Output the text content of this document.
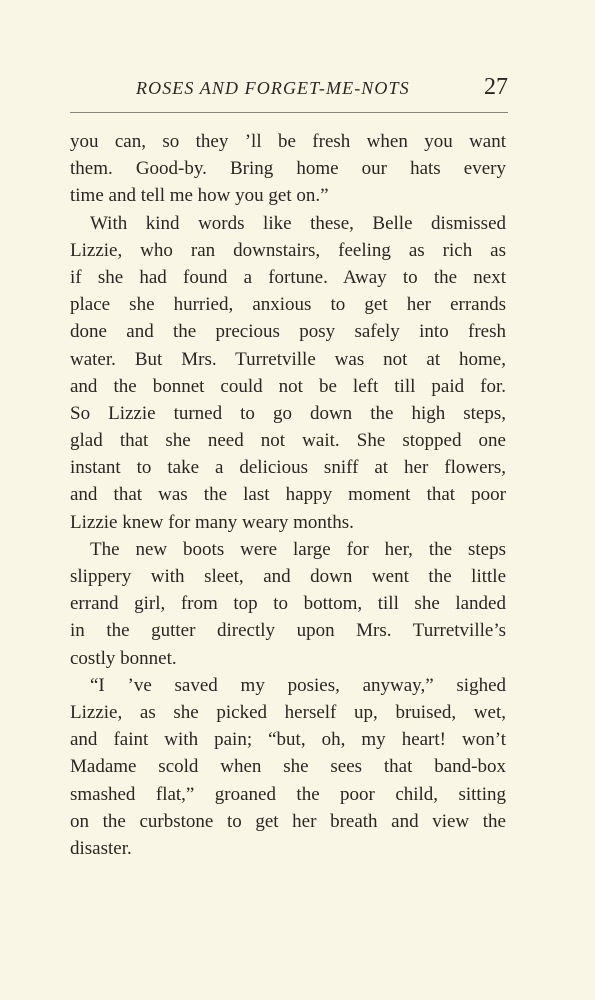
ROSES AND FORGET-ME-NOTS	27
you can, so they ’ll be fresh when you want
them. Good-by. Bring home our hats every
time and tell me how you get on.”
With kind words like these, Belle dismissed
Lizzie, who ran downstairs, feeling as rich as
if she had found a fortune. Away to the next
place she hurried, anxious to get her errands
done and the precious posy safely into fresh
water. But Mrs. Turretville was not at home,
and the bonnet could not be left till paid for.
So Lizzie turned to go down the high steps,
glad that she need not wait. She stopped one
instant to take a delicious sniff at her flowers,
and that was the last happy moment that poor
Lizzie knew for many weary months.
The new boots were large for her, the steps
slippery with sleet, and down went the little
errand girl, from top to bottom, till she landed
in the gutter directly upon Mrs. Turretville’s
costly bonnet.
“I ’ve saved my posies, anyway,” sighed
Lizzie, as she picked herself up, bruised, wet,
and faint with pain; “but, oh, my heart! won’t
Madame scold when she sees that band-box
smashed flat,” groaned the poor child, sitting
on the curbstone to get her breath and view the
disaster.
